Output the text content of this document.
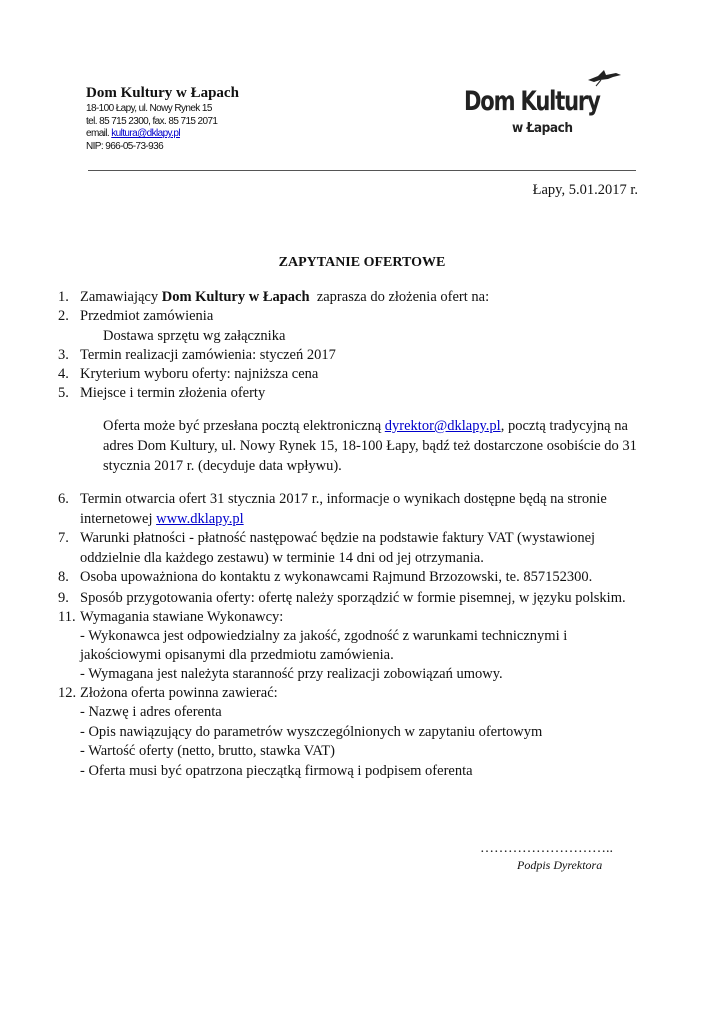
Dom Kultury w Łapach
18-100 Łapy, ul. Nowy Rynek 15
tel. 85 715 2300, fax. 85 715 2071
email. kultura@dklapy.pl
NIP: 966-05-73-936
Dom Kultury
w Łapach
Łapy, 5.01.2017 r.
ZAPYTANIE OFERTOWE
1. Zamawiający Dom Kultury w Łapach zaprasza do złożenia ofert na:
2. Przedmiot zamówienia
Dostawa sprzętu wg załącznika
3. Termin realizacji zamówienia: styczeń 2017
4. Kryterium wyboru oferty: najniższa cena
5. Miejsce i termin złożenia oferty
Oferta może być przesłana pocztą elektroniczną dyrektor@dklapy.pl, pocztą tradycyjną na adres Dom Kultury, ul. Nowy Rynek 15, 18-100 Łapy, bądź też dostarczone osobiście do 31 stycznia 2017 r. (decyduje data wpływu).
6. Termin otwarcia ofert 31 stycznia 2017 r., informacje o wynikach dostępne będą na stronie
internetowej www.dklapy.pl
7. Warunki płatności - płatność następować będzie na podstawie faktury VAT (wystawionej
oddzielnie dla każdego zestawu) w terminie 14 dni od jej otrzymania.
8. Osoba upoważniona do kontaktu z wykonawcami Rajmund Brzozowski, te. 857152300.
9. Sposób przygotowania oferty: ofertę należy sporządzić w formie pisemnej, w języku polskim.
11. Wymagania stawiane Wykonawcy:
- Wykonawca jest odpowiedzialny za jakość, zgodność z warunkami technicznymi i
jakościowymi opisanymi dla przedmiotu zamówienia.
- Wymagana jest należyta staranność przy realizacji zobowiązań umowy.
12. Złożona oferta powinna zawierać:
- Nazwę i adres oferenta
- Opis nawiązujący do parametrów wyszczególnionych w zapytaniu ofertowym
- Wartość oferty (netto, brutto, stawka VAT)
- Oferta musi być opatrzona pieczątką firmową i podpisem oferenta
………………………..
Podpis Dyrektora
